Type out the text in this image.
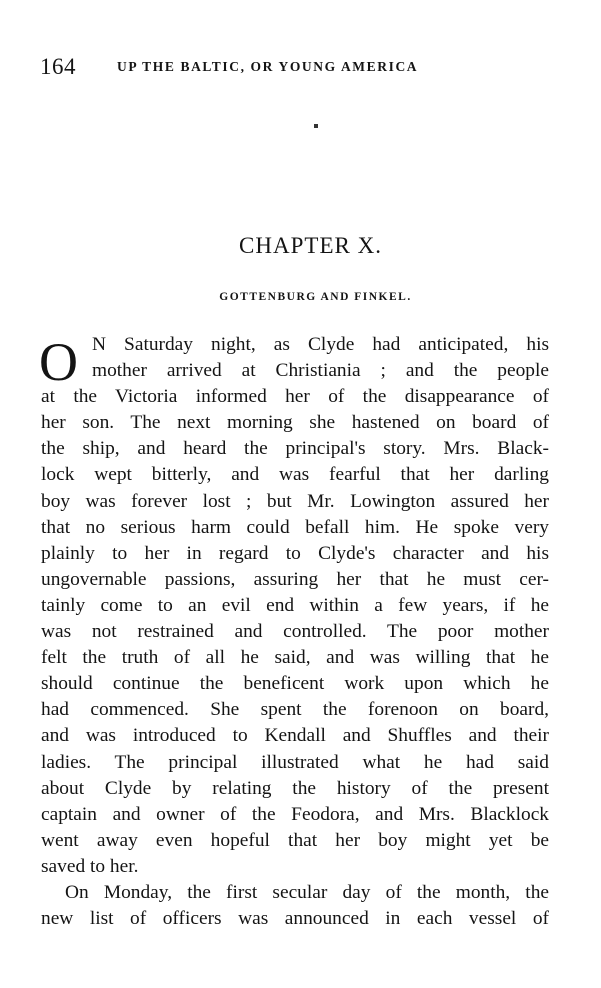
164	UP THE BALTIC, OR YOUNG AMERICA
CHAPTER X.
GOTTENBURG AND FINKEL.
O N Saturday night, as Clyde had anticipated, his
mother arrived at Christiania ; and the people
at the Victoria informed her of the disappearance of
her son. The next morning she hastened on board of
the ship, and heard the principal's story. Mrs. Black-
lock wept bitterly, and was fearful that her darling
boy was forever lost ; but Mr. Lowington assured her
that no serious harm could befall him. He spoke very
plainly to her in regard to Clyde's character and his
ungovernable passions, assuring her that he must cer-
tainly come to an evil end within a few years, if he
was not restrained and controlled. The poor mother
felt the truth of all he said, and was willing that he
should continue the beneficent work upon which he
had commenced. She spent the forenoon on board,
and was introduced to Kendall and Shuffles and their
ladies. The principal illustrated what he had said
about Clyde by relating the history of the present
captain and owner of the Feodora, and Mrs. Blacklock
went away even hopeful that her boy might yet be
saved to her.
On Monday, the first secular day of the month, the
new list of officers was announced in each vessel of
